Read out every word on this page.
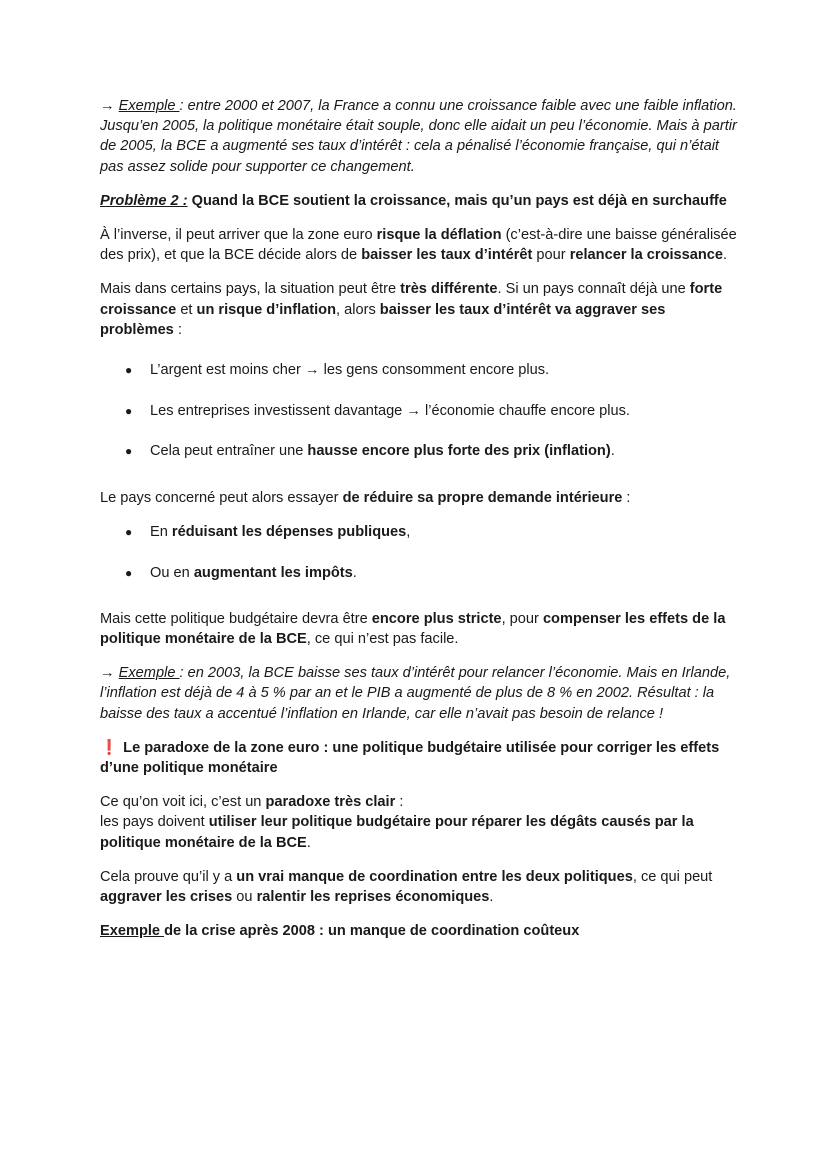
→ Exemple : entre 2000 et 2007, la France a connu une croissance faible avec une faible inflation. Jusqu’en 2005, la politique monétaire était souple, donc elle aidait un peu l’économie. Mais à partir de 2005, la BCE a augmenté ses taux d’intérêt : cela a pénalisé l’économie française, qui n’était pas assez solide pour supporter ce changement.

Problème 2 : Quand la BCE soutient la croissance, mais qu’un pays est déjà en surchauffe

À l’inverse, il peut arriver que la zone euro risque la déflation (c’est-à-dire une baisse généralisée des prix), et que la BCE décide alors de baisser les taux d’intérêt pour relancer la croissance.

Mais dans certains pays, la situation peut être très différente. Si un pays connaît déjà une forte croissance et un risque d’inflation, alors baisser les taux d’intérêt va aggraver ses problèmes :

● L’argent est moins cher → les gens consomment encore plus.
● Les entreprises investissent davantage → l’économie chauffe encore plus.
● Cela peut entraîner une hausse encore plus forte des prix (inflation).

Le pays concerné peut alors essayer de réduire sa propre demande intérieure :

● En réduisant les dépenses publiques,
● Ou en augmentant les impôts.

Mais cette politique budgétaire devra être encore plus stricte, pour compenser les effets de la politique monétaire de la BCE, ce qui n’est pas facile.

→ Exemple : en 2003, la BCE baisse ses taux d’intérêt pour relancer l’économie. Mais en Irlande, l’inflation est déjà de 4 à 5 % par an et le PIB a augmenté de plus de 8 % en 2002. Résultat : la baisse des taux a accentué l’inflation en Irlande, car elle n’avait pas besoin de relance !

❗ Le paradoxe de la zone euro : une politique budgétaire utilisée pour corriger les effets d’une politique monétaire

Ce qu’on voit ici, c’est un paradoxe très clair :
les pays doivent utiliser leur politique budgétaire pour réparer les dégâts causés par la politique monétaire de la BCE.

Cela prouve qu’il y a un vrai manque de coordination entre les deux politiques, ce qui peut aggraver les crises ou ralentir les reprises économiques.

Exemple de la crise après 2008 : un manque de coordination coûteux
